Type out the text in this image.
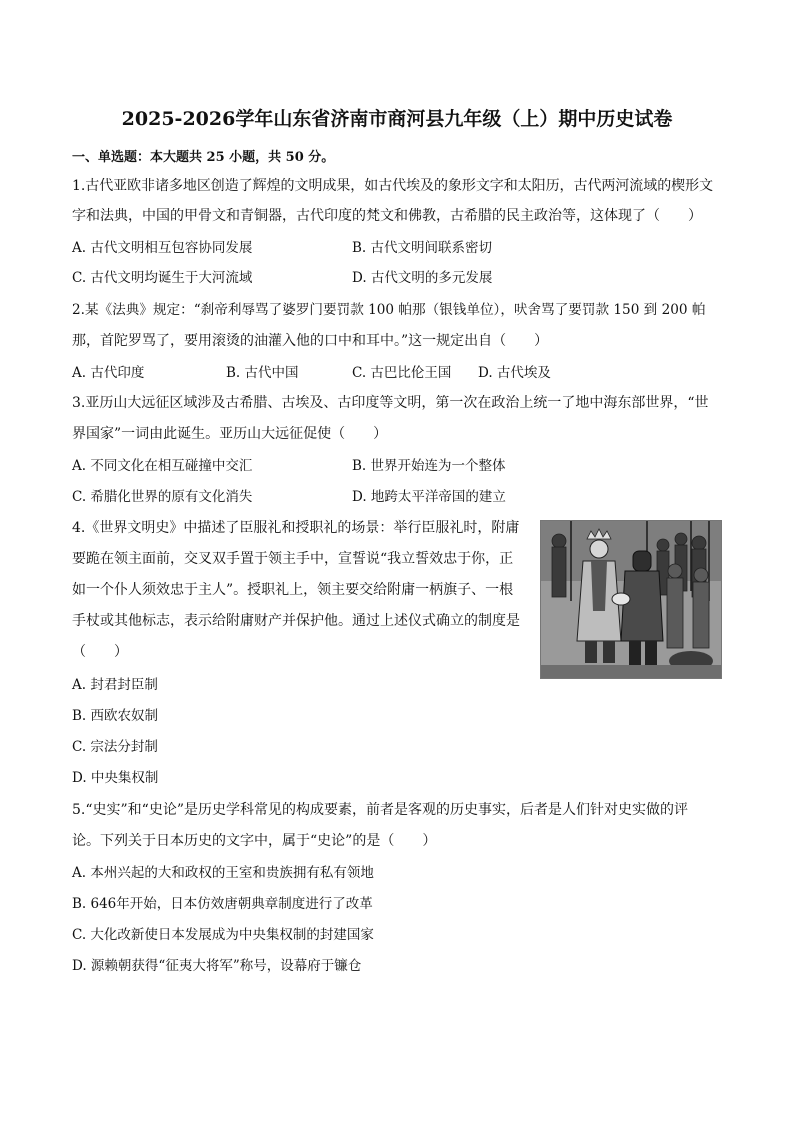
2025-2026学年山东省济南市商河县九年级（上）期中历史试卷
一、单选题：本大题共 25 小题，共 50 分。
1.古代亚欧非诸多地区创造了辉煌的文明成果，如古代埃及的象形文字和太阳历，古代两河流域的楔形文
字和法典，中国的甲骨文和青铜器，古代印度的梵文和佛教，古希腊的民主政治等，这体现了（　　）
A. 古代文明相互包容协同发展	B. 古代文明间联系密切
C. 古代文明均诞生于大河流域	D. 古代文明的多元发展
2.某《法典》规定：“刹帝利辱骂了婆罗门要罚款 100 帕那（银钱单位），吠舍骂了要罚款 150 到 200 帕
那，首陀罗骂了，要用滚烫的油灌入他的口中和耳中。”这一规定出自（　　）
A. 古代印度	B. 古代中国	C. 古巴比伦王国 D. 古代埃及
3.亚历山大远征区域涉及古希腊、古埃及、古印度等文明，第一次在政治上统一了地中海东部世界，“世
界国家”一词由此诞生。亚历山大远征促使（　　）
A. 不同文化在相互碰撞中交汇	B. 世界开始连为一个整体
C. 希腊化世界的原有文化消失	D. 地跨太平洋帝国的建立
4.《世界文明史》中描述了臣服礼和授职礼的场景：举行臣服礼时，附庸
要跪在领主面前，交叉双手置于领主手中，宣誓说“我立誓效忠于你，正
如一个仆人须效忠于主人”。授职礼上，领主要交给附庸一柄旗子、一根
手杖或其他标志，表示给附庸财产并保护他。通过上述仪式确立的制度是
（　　）
A. 封君封臣制
B. 西欧农奴制
C. 宗法分封制
D. 中央集权制
5.“史实”和“史论”是历史学科常见的构成要素，前者是客观的历史事实，后者是人们针对史实做的评
论。下列关于日本历史的文字中，属于“史论”的是（　　）
A. 本州兴起的大和政权的王室和贵族拥有私有领地
B. 646年开始，日本仿效唐朝典章制度进行了改革
C. 大化改新使日本发展成为中央集权制的封建国家
D. 源赖朝获得“征夷大将军”称号，设幕府于镰仓
